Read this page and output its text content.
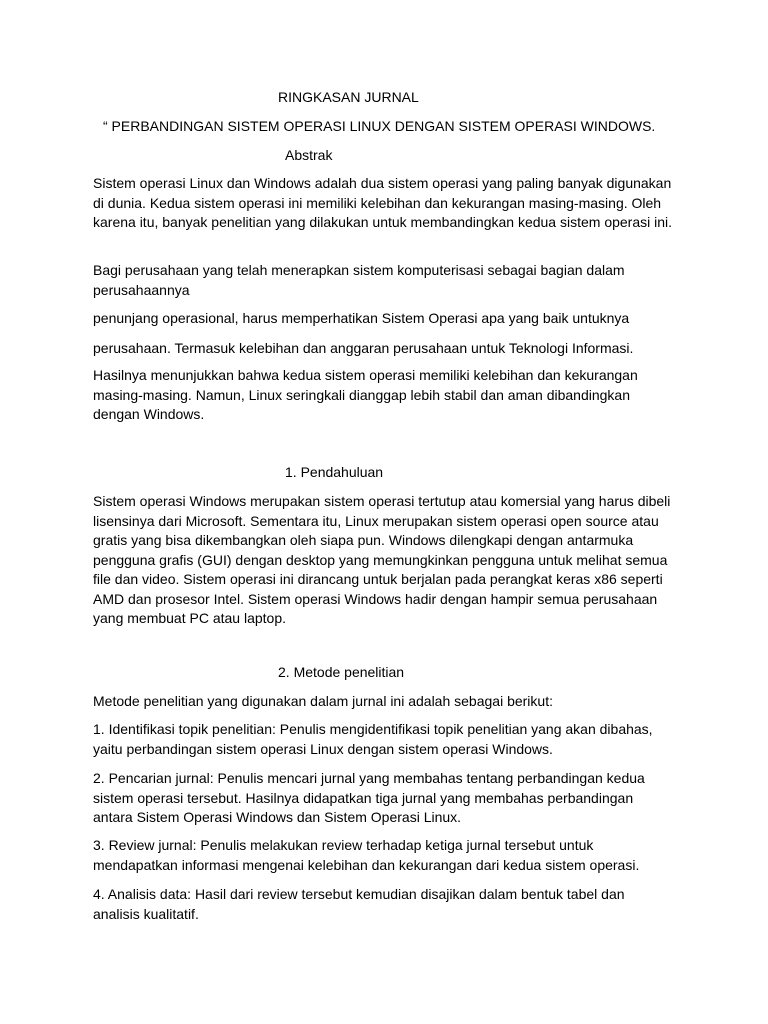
RINGKASAN JURNAL

“ PERBANDINGAN SISTEM OPERASI LINUX DENGAN SISTEM OPERASI WINDOWS.

Abstrak

Sistem operasi Linux dan Windows adalah dua sistem operasi yang paling banyak digunakan di dunia. Kedua sistem operasi ini memiliki kelebihan dan kekurangan masing-masing. Oleh karena itu, banyak penelitian yang dilakukan untuk membandingkan kedua sistem operasi ini.

Bagi perusahaan yang telah menerapkan sistem komputerisasi sebagai bagian dalam perusahaannya

penunjang operasional, harus memperhatikan Sistem Operasi apa yang baik untuknya

perusahaan. Termasuk kelebihan dan anggaran perusahaan untuk Teknologi Informasi.

Hasilnya menunjukkan bahwa kedua sistem operasi memiliki kelebihan dan kekurangan masing-masing. Namun, Linux seringkali dianggap lebih stabil dan aman dibandingkan dengan Windows.

1. Pendahuluan

Sistem operasi Windows merupakan sistem operasi tertutup atau komersial yang harus dibeli lisensinya dari Microsoft. Sementara itu, Linux merupakan sistem operasi open source atau gratis yang bisa dikembangkan oleh siapa pun. Windows dilengkapi dengan antarmuka pengguna grafis (GUI) dengan desktop yang memungkinkan pengguna untuk melihat semua file dan video. Sistem operasi ini dirancang untuk berjalan pada perangkat keras x86 seperti AMD dan prosesor Intel. Sistem operasi Windows hadir dengan hampir semua perusahaan yang membuat PC atau laptop.

2. Metode penelitian

Metode penelitian yang digunakan dalam jurnal ini adalah sebagai berikut:

1. Identifikasi topik penelitian: Penulis mengidentifikasi topik penelitian yang akan dibahas, yaitu perbandingan sistem operasi Linux dengan sistem operasi Windows.

2. Pencarian jurnal: Penulis mencari jurnal yang membahas tentang perbandingan kedua sistem operasi tersebut. Hasilnya didapatkan tiga jurnal yang membahas perbandingan antara Sistem Operasi Windows dan Sistem Operasi Linux.

3. Review jurnal: Penulis melakukan review terhadap ketiga jurnal tersebut untuk mendapatkan informasi mengenai kelebihan dan kekurangan dari kedua sistem operasi.

4. Analisis data: Hasil dari review tersebut kemudian disajikan dalam bentuk tabel dan analisis kualitatif.
